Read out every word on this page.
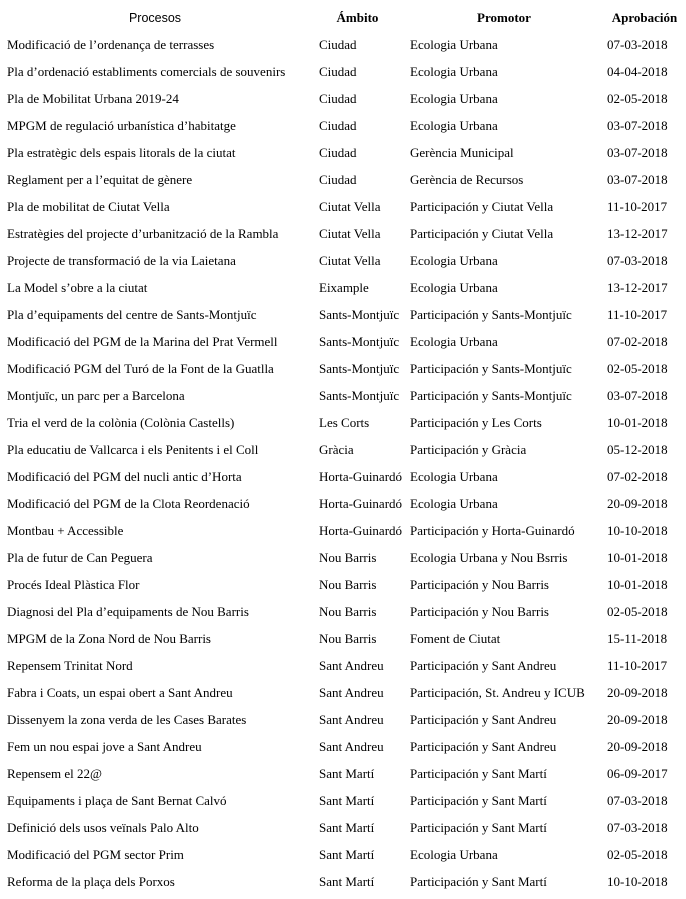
Procesos	Ámbito	Promotor	Aprobación
Modificació de l’ordenança de terrasses	Ciudad	Ecologia Urbana	07-03-2018
Pla d’ordenació establiments comercials de souvenirs	Ciudad	Ecologia Urbana	04-04-2018
Pla de Mobilitat Urbana 2019-24	Ciudad	Ecologia Urbana	02-05-2018
MPGM de regulació urbanística d’habitatge	Ciudad	Ecologia Urbana	03-07-2018
Pla estratègic dels espais litorals de la ciutat	Ciudad	Gerència Municipal	03-07-2018
Reglament per a l’equitat de gènere	Ciudad	Gerència de Recursos	03-07-2018
Pla de mobilitat de Ciutat Vella	Ciutat Vella	Participación y Ciutat Vella	11-10-2017
Estratègies del projecte d’urbanització de la Rambla	Ciutat Vella	Participación y Ciutat Vella	13-12-2017
Projecte de transformació de la via Laietana	Ciutat Vella	Ecologia Urbana	07-03-2018
La Model s’obre a la ciutat	Eixample	Ecologia Urbana	13-12-2017
Pla d’equipaments del centre de Sants-Montjuïc	Sants-Montjuïc	Participación y Sants-Montjuïc	11-10-2017
Modificació del PGM de la Marina del Prat Vermell	Sants-Montjuïc	Ecologia Urbana	07-02-2018
Modificació PGM del Turó de la Font de la Guatlla	Sants-Montjuïc	Participación y Sants-Montjuïc	02-05-2018
Montjuïc, un parc per a Barcelona	Sants-Montjuïc	Participación y Sants-Montjuïc	03-07-2018
Tria el verd de la colònia (Colònia Castells)	Les Corts	Participación y Les Corts	10-01-2018
Pla educatiu de Vallcarca i els Penitents i el Coll	Gràcia	Participación y Gràcia	05-12-2018
Modificació del PGM del nucli antic d’Horta	Horta-Guinardó	Ecologia Urbana	07-02-2018
Modificació del PGM de la Clota Reordenació	Horta-Guinardó	Ecologia Urbana	20-09-2018
Montbau + Accessible	Horta-Guinardó	Participación y Horta-Guinardó	10-10-2018
Pla de futur de Can Peguera	Nou Barris	Ecologia Urbana y Nou Bsrris	10-01-2018
Procés Ideal Plàstica Flor	Nou Barris	Participación y Nou Barris	10-01-2018
Diagnosi del Pla d’equipaments de Nou Barris	Nou Barris	Participación y Nou Barris	02-05-2018
MPGM de la Zona Nord de Nou Barris	Nou Barris	Foment de Ciutat	15-11-2018
Repensem Trinitat Nord	Sant Andreu	Participación y Sant Andreu	11-10-2017
Fabra i Coats, un espai obert a Sant Andreu	Sant Andreu	Participación, St. Andreu y ICUB	20-09-2018
Dissenyem la zona verda de les Cases Barates	Sant Andreu	Participación y Sant Andreu	20-09-2018
Fem un nou espai jove a Sant Andreu	Sant Andreu	Participación y Sant Andreu	20-09-2018
Repensem el 22@	Sant Martí	Participación y Sant Martí	06-09-2017
Equipaments i plaça de Sant Bernat Calvó	Sant Martí	Participación y Sant Martí	07-03-2018
Definició dels usos veïnals Palo Alto	Sant Martí	Participación y Sant Martí	07-03-2018
Modificació del PGM sector Prim	Sant Martí	Ecologia Urbana	02-05-2018
Reforma de la plaça dels Porxos	Sant Martí	Participación y Sant Martí	10-10-2018
